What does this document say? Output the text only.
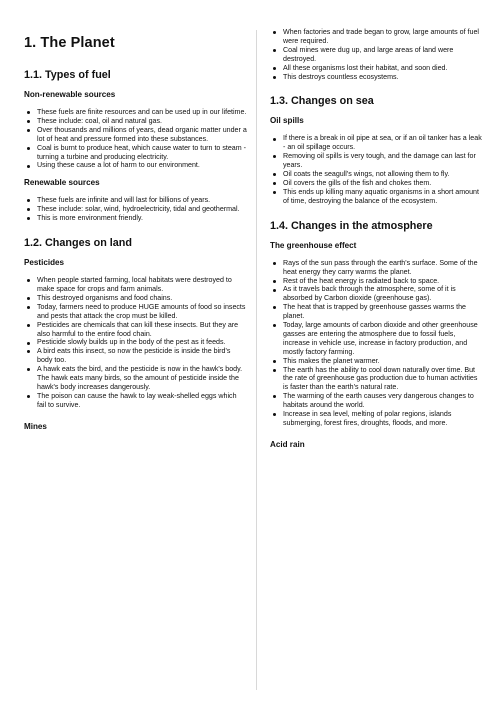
1. The Planet
1.1. Types of fuel
Non-renewable sources
These fuels are finite resources and can be used up in our lifetime.
These include: coal, oil and natural gas.
Over thousands and millions of years, dead organic matter under a lot of heat and pressure formed into these substances.
Coal is burnt to produce heat, which cause water to turn to steam - turning a turbine and producing electricity.
Using these cause a lot of harm to our environment.
Renewable sources
These fuels are infinite and will last for billions of years.
These include: solar, wind, hydroelectricity, tidal and geothermal.
This is more environment friendly.
1.2. Changes on land
Pesticides
When people started farming, local habitats were destroyed to make space for crops and farm animals.
This destroyed organisms and food chains.
Today, farmers need to produce HUGE amounts of food so insects and pests that attack the crop must be killed.
Pesticides are chemicals that can kill these insects. But they are also harmful to the entire food chain.
Pesticide slowly builds up in the body of the pest as it feeds.
A bird eats this insect, so now the pesticide is inside the bird's body too.
A hawk eats the bird, and the pesticide is now in the hawk's body. The hawk eats many birds, so the amount of pesticide inside the hawk's body increases dangerously.
The poison can cause the hawk to lay weak-shelled eggs which fail to survive.
Mines
When factories and trade began to grow, large amounts of fuel were required.
Coal mines were dug up, and large areas of land were destroyed.
All these organisms lost their habitat, and soon died.
This destroys countless ecosystems.
1.3. Changes on sea
Oil spills
If there is a break in oil pipe at sea, or if an oil tanker has a leak - an oil spillage occurs.
Removing oil spills is very tough, and the damage can last for years.
Oil coats the seagull's wings, not allowing them to fly.
Oil covers the gills of the fish and chokes them.
This ends up killing many aquatic organisms in a short amount of time, destroying the balance of the ecosystem.
1.4. Changes in the atmosphere
The greenhouse effect
Rays of the sun pass through the earth's surface. Some of the heat energy they carry warms the planet.
Rest of the heat energy is radiated back to space.
As it travels back through the atmosphere, some of it is absorbed by Carbon dioxide (greenhouse gas).
The heat that is trapped by greenhouse gasses warms the planet.
Today, large amounts of carbon dioxide and other greenhouse gasses are entering the atmosphere due to fossil fuels, increase in vehicle use, increase in factory production, and mostly factory farming.
This makes the planet warmer.
The earth has the ability to cool down naturally over time. But the rate of greenhouse gas production due to human activities is faster than the earth's natural rate.
The warming of the earth causes very dangerous changes to habitats around the world.
Increase in sea level, melting of polar regions, islands submerging, forest fires, droughts, floods, and more.
Acid rain
